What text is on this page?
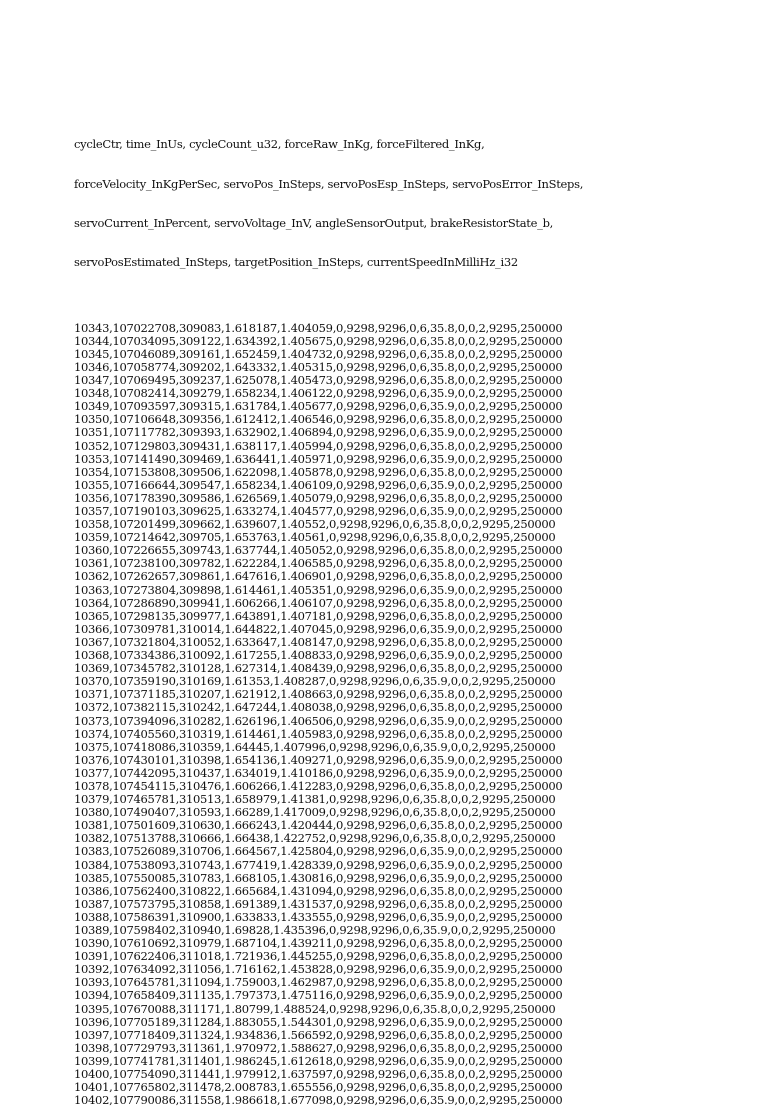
cycleCtr, time_InUs, cycleCount_u32, forceRaw_InKg, forceFiltered_InKg,

forceVelocity_InKgPerSec, servoPos_InSteps, servoPosEsp_InSteps, servoPosError_InSteps,

servoCurrent_InPercent, servoVoltage_InV, angleSensorOutput, brakeResistorState_b,

servoPosEstimated_InSteps, targetPosition_InSteps, currentSpeedInMilliHz_i32

10343,107022708,309083,1.618187,1.404059,0,9298,9296,0,6,35.8,0,0,2,9295,250000
10344,107034095,309122,1.634392,1.405675,0,9298,9296,0,6,35.8,0,0,2,9295,250000
10345,107046089,309161,1.652459,1.404732,0,9298,9296,0,6,35.8,0,0,2,9295,250000
10346,107058774,309202,1.643332,1.405315,0,9298,9296,0,6,35.8,0,0,2,9295,250000
10347,107069495,309237,1.625078,1.405473,0,9298,9296,0,6,35.8,0,0,2,9295,250000
10348,107082414,309279,1.658234,1.406122,0,9298,9296,0,6,35.9,0,0,2,9295,250000
10349,107093597,309315,1.631784,1.405677,0,9298,9296,0,6,35.9,0,0,2,9295,250000
10350,107106648,309356,1.612412,1.406546,0,9298,9296,0,6,35.8,0,0,2,9295,250000
10351,107117782,309393,1.632902,1.406894,0,9298,9296,0,6,35.9,0,0,2,9295,250000
10352,107129803,309431,1.638117,1.405994,0,9298,9296,0,6,35.8,0,0,2,9295,250000
10353,107141490,309469,1.636441,1.405971,0,9298,9296,0,6,35.9,0,0,2,9295,250000
10354,107153808,309506,1.622098,1.405878,0,9298,9296,0,6,35.8,0,0,2,9295,250000
10355,107166644,309547,1.658234,1.406109,0,9298,9296,0,6,35.9,0,0,2,9295,250000
10356,107178390,309586,1.626569,1.405079,0,9298,9296,0,6,35.8,0,0,2,9295,250000
10357,107190103,309625,1.633274,1.404577,0,9298,9296,0,6,35.9,0,0,2,9295,250000
10358,107201499,309662,1.639607,1.40552,0,9298,9296,0,6,35.8,0,0,2,9295,250000
10359,107214642,309705,1.653763,1.40561,0,9298,9296,0,6,35.8,0,0,2,9295,250000
10360,107226655,309743,1.637744,1.405052,0,9298,9296,0,6,35.8,0,0,2,9295,250000
10361,107238100,309782,1.622284,1.406585,0,9298,9296,0,6,35.8,0,0,2,9295,250000
10362,107262657,309861,1.647616,1.406901,0,9298,9296,0,6,35.8,0,0,2,9295,250000
10363,107273804,309898,1.614461,1.405351,0,9298,9296,0,6,35.9,0,0,2,9295,250000
10364,107286890,309941,1.606266,1.406107,0,9298,9296,0,6,35.8,0,0,2,9295,250000
10365,107298135,309977,1.643891,1.407181,0,9298,9296,0,6,35.8,0,0,2,9295,250000
10366,107309781,310014,1.644822,1.407045,0,9298,9296,0,6,35.9,0,0,2,9295,250000
10367,107321804,310052,1.633647,1.408147,0,9298,9296,0,6,35.8,0,0,2,9295,250000
10368,107334386,310092,1.617255,1.408833,0,9298,9296,0,6,35.9,0,0,2,9295,250000
10369,107345782,310128,1.627314,1.408439,0,9298,9296,0,6,35.8,0,0,2,9295,250000
10370,107359190,310169,1.61353,1.408287,0,9298,9296,0,6,35.9,0,0,2,9295,250000
10371,107371185,310207,1.621912,1.408663,0,9298,9296,0,6,35.8,0,0,2,9295,250000
10372,107382115,310242,1.647244,1.408038,0,9298,9296,0,6,35.8,0,0,2,9295,250000
10373,107394096,310282,1.626196,1.406506,0,9298,9296,0,6,35.9,0,0,2,9295,250000
10374,107405560,310319,1.614461,1.405983,0,9298,9296,0,6,35.8,0,0,2,9295,250000
10375,107418086,310359,1.64445,1.407996,0,9298,9296,0,6,35.9,0,0,2,9295,250000
10376,107430101,310398,1.654136,1.409271,0,9298,9296,0,6,35.9,0,0,2,9295,250000
10377,107442095,310437,1.634019,1.410186,0,9298,9296,0,6,35.9,0,0,2,9295,250000
10378,107454115,310476,1.606266,1.412283,0,9298,9296,0,6,35.8,0,0,2,9295,250000
10379,107465781,310513,1.658979,1.41381,0,9298,9296,0,6,35.8,0,0,2,9295,250000
10380,107490407,310593,1.66289,1.417009,0,9298,9296,0,6,35.8,0,0,2,9295,250000
10381,107501609,310630,1.666243,1.420444,0,9298,9296,0,6,35.8,0,0,2,9295,250000
10382,107513788,310666,1.66438,1.422752,0,9298,9296,0,6,35.8,0,0,2,9295,250000
10383,107526089,310706,1.664567,1.425804,0,9298,9296,0,6,35.9,0,0,2,9295,250000
10384,107538093,310743,1.677419,1.428339,0,9298,9296,0,6,35.9,0,0,2,9295,250000
10385,107550085,310783,1.668105,1.430816,0,9298,9296,0,6,35.9,0,0,2,9295,250000
10386,107562400,310822,1.665684,1.431094,0,9298,9296,0,6,35.8,0,0,2,9295,250000
10387,107573795,310858,1.691389,1.431537,0,9298,9296,0,6,35.8,0,0,2,9295,250000
10388,107586391,310900,1.633833,1.433555,0,9298,9296,0,6,35.9,0,0,2,9295,250000
10389,107598402,310940,1.69828,1.435396,0,9298,9296,0,6,35.9,0,0,2,9295,250000
10390,107610692,310979,1.687104,1.439211,0,9298,9296,0,6,35.8,0,0,2,9295,250000
10391,107622406,311018,1.721936,1.445255,0,9298,9296,0,6,35.8,0,0,2,9295,250000
10392,107634092,311056,1.716162,1.453828,0,9298,9296,0,6,35.9,0,0,2,9295,250000
10393,107645781,311094,1.759003,1.462987,0,9298,9296,0,6,35.8,0,0,2,9295,250000
10394,107658409,311135,1.797373,1.475116,0,9298,9296,0,6,35.9,0,0,2,9295,250000
10395,107670088,311171,1.80799,1.488524,0,9298,9296,0,6,35.8,0,0,2,9295,250000
10396,107705189,311284,1.883055,1.544301,0,9298,9296,0,6,35.9,0,0,2,9295,250000
10397,107718409,311324,1.934836,1.566592,0,9298,9296,0,6,35.8,0,0,2,9295,250000
10398,107729793,311361,1.970972,1.588627,0,9298,9296,0,6,35.8,0,0,2,9295,250000
10399,107741781,311401,1.986245,1.612618,0,9298,9296,0,6,35.9,0,0,2,9295,250000
10400,107754090,311441,1.979912,1.637597,0,9298,9296,0,6,35.8,0,0,2,9295,250000
10401,107765802,311478,2.008783,1.655556,0,9298,9296,0,6,35.8,0,0,2,9295,250000
10402,107790086,311558,1.986618,1.677098,0,9298,9296,0,6,35.9,0,0,2,9295,250000
